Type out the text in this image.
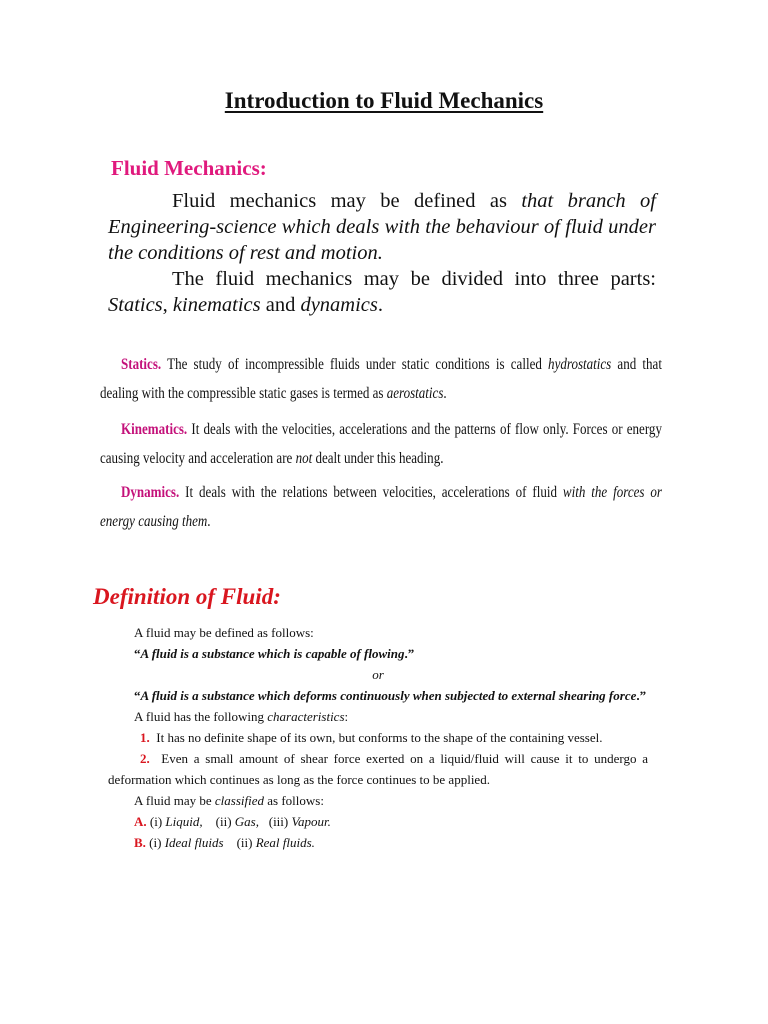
Introduction to Fluid Mechanics
Fluid Mechanics:

Fluid mechanics may be defined as that branch of Engineering-science which deals with the behaviour of fluid under the conditions of rest and motion.

The fluid mechanics may be divided into three parts: Statics, kinematics and dynamics.

Statics. The study of incompressible fluids under static conditions is called hydrostatics and that dealing with the compressible static gases is termed as aerostatics.

Kinematics. It deals with the velocities, accelerations and the patterns of flow only. Forces or energy causing velocity and acceleration are not dealt under this heading.

Dynamics. It deals with the relations between velocities, accelerations of fluid with the forces or energy causing them.

Definition of Fluid:

A fluid may be defined as follows:

“A fluid is a substance which is capable of flowing.”

or

“A fluid is a substance which deforms continuously when subjected to external shearing force.”

A fluid has the following characteristics:

1. It has no definite shape of its own, but conforms to the shape of the containing vessel.

2. Even a small amount of shear force exerted on a liquid/fluid will cause it to undergo a deformation which continues as long as the force continues to be applied.

A fluid may be classified as follows:

A. (i) Liquid, (ii) Gas, (iii) Vapour.

B. (i) Ideal fluids (ii) Real fluids.
